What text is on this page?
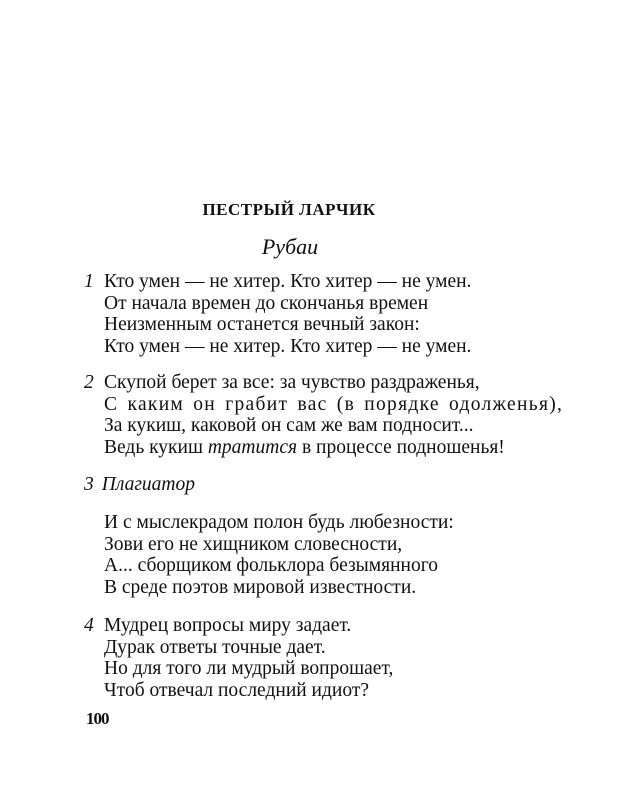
ПЕСТРЫЙ ЛАРЧИК
Рубаи
1 Кто умен — не хитер. Кто хитер — не умен.
От начала времен до скончанья времен
Неизменным останется вечный закон:
Кто умен — не хитер. Кто хитер — не умен.
2 Скупой берет за все: за чувство раздраженья,
С каким он грабит вас (в порядке одолженья),
За кукиш, каковой он сам же вам подносит...
Ведь кукиш тратится в процессе подношенья!
3 Плагиатор
И с мыслекрадом полон будь любезности:
Зови его не хищником словесности,
А... сборщиком фольклора безымянного
В среде поэтов мировой известности.
4 Мудрец вопросы миру задает.
Дурак ответы точные дает.
Но для того ли мудрый вопрошает,
Чтоб отвечал последний идиот?
100
